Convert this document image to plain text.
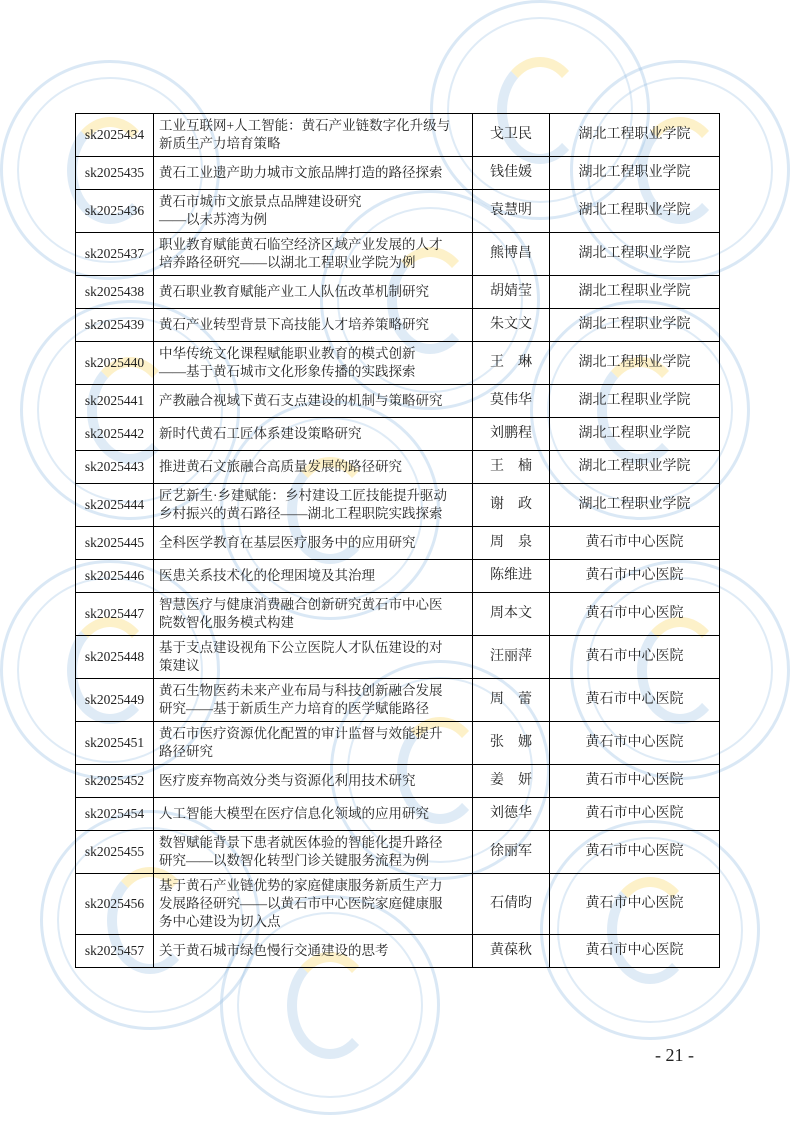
sk2025434	工业互联网+人工智能：黄石产业链数字化升级与
新质生产力培育策略	戈卫民	湖北工程职业学院
sk2025435	黄石工业遗产助力城市文旅品牌打造的路径探索	钱佳媛	湖北工程职业学院
sk2025436	黄石市城市文旅景点品牌建设研究
——以未苏湾为例	袁慧明	湖北工程职业学院
sk2025437	职业教育赋能黄石临空经济区域产业发展的人才
培养路径研究——以湖北工程职业学院为例	熊博昌	湖北工程职业学院
sk2025438	黄石职业教育赋能产业工人队伍改革机制研究	胡婧莹	湖北工程职业学院
sk2025439	黄石产业转型背景下高技能人才培养策略研究	朱文文	湖北工程职业学院
sk2025440	中华传统文化课程赋能职业教育的模式创新
——基于黄石城市文化形象传播的实践探索	王　琳	湖北工程职业学院
sk2025441	产教融合视域下黄石支点建设的机制与策略研究	莫伟华	湖北工程职业学院
sk2025442	新时代黄石工匠体系建设策略研究	刘鹏程	湖北工程职业学院
sk2025443	推进黄石文旅融合高质量发展的路径研究	王　楠	湖北工程职业学院
sk2025444	匠艺新生·乡建赋能：乡村建设工匠技能提升驱动
乡村振兴的黄石路径——湖北工程职院实践探索	谢　政	湖北工程职业学院
sk2025445	全科医学教育在基层医疗服务中的应用研究	周　泉	黄石市中心医院
sk2025446	医患关系技术化的伦理困境及其治理	陈维进	黄石市中心医院
sk2025447	智慧医疗与健康消费融合创新研究黄石市中心医
院数智化服务模式构建	周本文	黄石市中心医院
sk2025448	基于支点建设视角下公立医院人才队伍建设的对
策建议	汪丽萍	黄石市中心医院
sk2025449	黄石生物医药未来产业布局与科技创新融合发展
研究——基于新质生产力培育的医学赋能路径	周　蕾	黄石市中心医院
sk2025451	黄石市医疗资源优化配置的审计监督与效能提升
路径研究	张　娜	黄石市中心医院
sk2025452	医疗废弃物高效分类与资源化利用技术研究	姜　妍	黄石市中心医院
sk2025454	人工智能大模型在医疗信息化领域的应用研究	刘德华	黄石市中心医院
sk2025455	数智赋能背景下患者就医体验的智能化提升路径
研究——以数智化转型门诊关键服务流程为例	徐丽军	黄石市中心医院
sk2025456	基于黄石产业链优势的家庭健康服务新质生产力
发展路径研究——以黄石市中心医院家庭健康服
务中心建设为切入点	石倩昀	黄石市中心医院
sk2025457	关于黄石城市绿色慢行交通建设的思考	黄葆秋	黄石市中心医院
- 21 -
